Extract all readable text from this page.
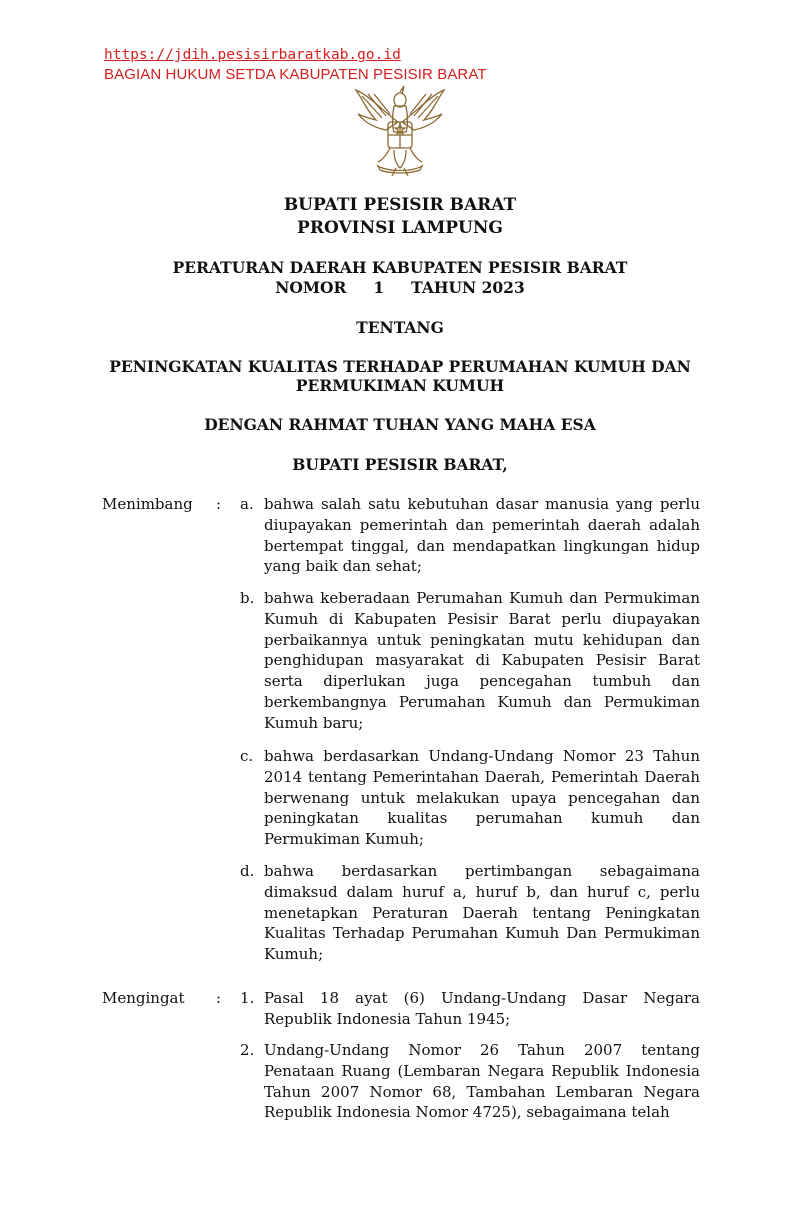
https://jdih.pesisirbaratkab.go.id
BAGIAN HUKUM SETDA KABUPATEN PESISIR BARAT
BUPATI PESISIR BARAT
PROVINSI LAMPUNG
PERATURAN DAERAH KABUPATEN PESISIR BARAT
NOMOR     1     TAHUN 2023
TENTANG
PENINGKATAN KUALITAS TERHADAP PERUMAHAN KUMUH DAN
PERMUKIMAN KUMUH
DENGAN RAHMAT TUHAN YANG MAHA ESA
BUPATI PESISIR BARAT,
Menimbang : a. bahwa salah satu kebutuhan dasar manusia yang perlu diupayakan pemerintah dan pemerintah daerah adalah bertempat tinggal, dan mendapatkan lingkungan hidup yang baik dan sehat;
b. bahwa keberadaan Perumahan Kumuh dan Permukiman Kumuh di Kabupaten Pesisir Barat perlu diupayakan perbaikannya untuk peningkatan mutu kehidupan dan penghidupan masyarakat di Kabupaten Pesisir Barat serta diperlukan juga pencegahan tumbuh dan berkembangnya Perumahan Kumuh dan Permukiman Kumuh baru;
c. bahwa berdasarkan Undang-Undang Nomor 23 Tahun 2014 tentang Pemerintahan Daerah, Pemerintah Daerah berwenang untuk melakukan upaya pencegahan dan peningkatan kualitas perumahan kumuh dan Permukiman Kumuh;
d. bahwa berdasarkan pertimbangan sebagaimana dimaksud dalam huruf a, huruf b, dan huruf c, perlu menetapkan Peraturan Daerah tentang Peningkatan Kualitas Terhadap Perumahan Kumuh Dan Permukiman Kumuh;
Mengingat : 1. Pasal 18 ayat (6) Undang-Undang Dasar Negara Republik Indonesia Tahun 1945;
2. Undang-Undang Nomor 26 Tahun 2007 tentang Penataan Ruang (Lembaran Negara Republik Indonesia Tahun 2007 Nomor 68, Tambahan Lembaran Negara Republik Indonesia Nomor 4725), sebagaimana telah
